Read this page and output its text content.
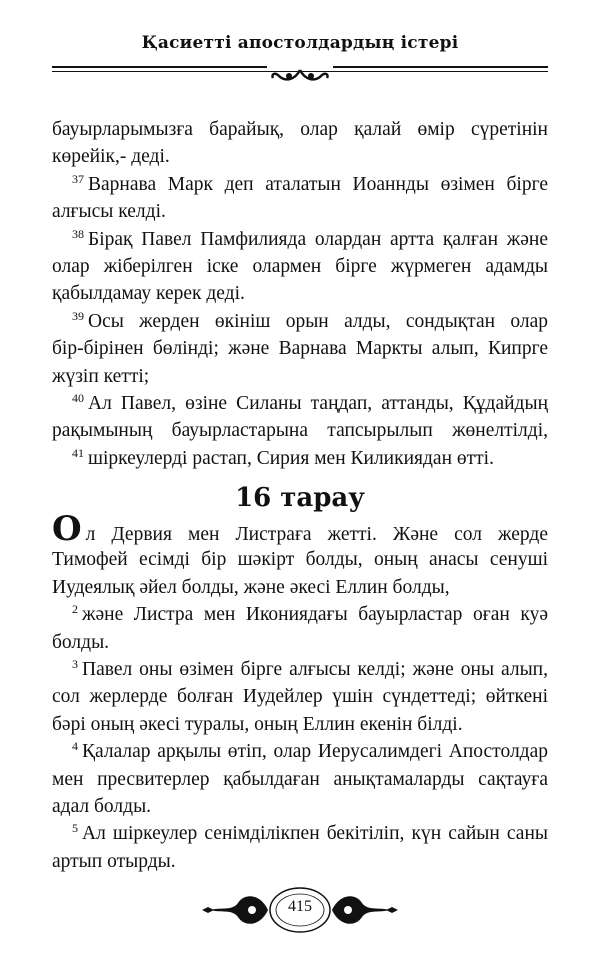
Қасиетті апостолдардың істері
бауырларымызға барайық, олар қалай өмір сүретінін
көрейік,- деді.
$^{37}$ Варнава Марк деп аталатын Иоаннды өзімен бірге
алғысы келді.
$^{38}$ Бірақ Павел Памфилияда олардан артта қалған және
олар жіберілген іске олармен бірге жүрмеген адамды
қабылдамау керек деді.
$^{39}$ Осы жерден өкініш орын алды, сондықтан олар
бір-бірінен бөлінді; және Варнава Маркты алып, Кипрге
жүзіп кетті;
$^{40}$ Ал Павел, өзіне Силаны таңдап, аттанды, Құдайдың
рақымының бауырластарына тапсырылып жөнелтілді,
$^{41}$ шіркеулерді растап, Сирия мен Киликиядан өтті.
16 тарау
Ол Дервия мен Листраға жетті. Және сол жерде
Тимофей есімді бір шәкірт болды, оның анасы сенуші
Иудеялық әйел болды, және әкесі Еллин болды,
$^2$ және Листра мен Икониядағы бауырластар оған куә
болды.
$^3$ Павел оны өзімен бірге алғысы келді; және оны алып,
сол жерлерде болған Иудейлер үшін сүндеттеді; өйткені
бәрі оның әкесі туралы, оның Еллин екенін білді.
$^4$ Қалалар арқылы өтіп, олар Иерусалимдегі Апостолдар
мен пресвитерлер қабылдаған анықтамаларды сақтауға
адал болды.
$^5$ Ал шіркеулер сенімділікпен бекітіліп, күн сайын саны
артып отырды.
415
